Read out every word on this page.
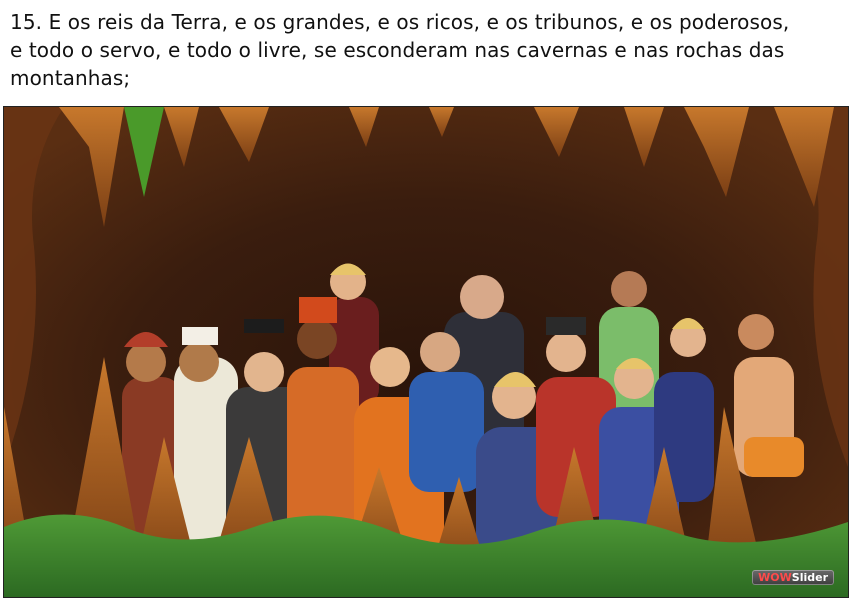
15. E os reis da Terra, e os grandes, e os ricos, e os tribunos, e os poderosos,
e todo o servo, e todo o livre, se esconderam nas cavernas e nas rochas das
montanhas;
WOWSlider
